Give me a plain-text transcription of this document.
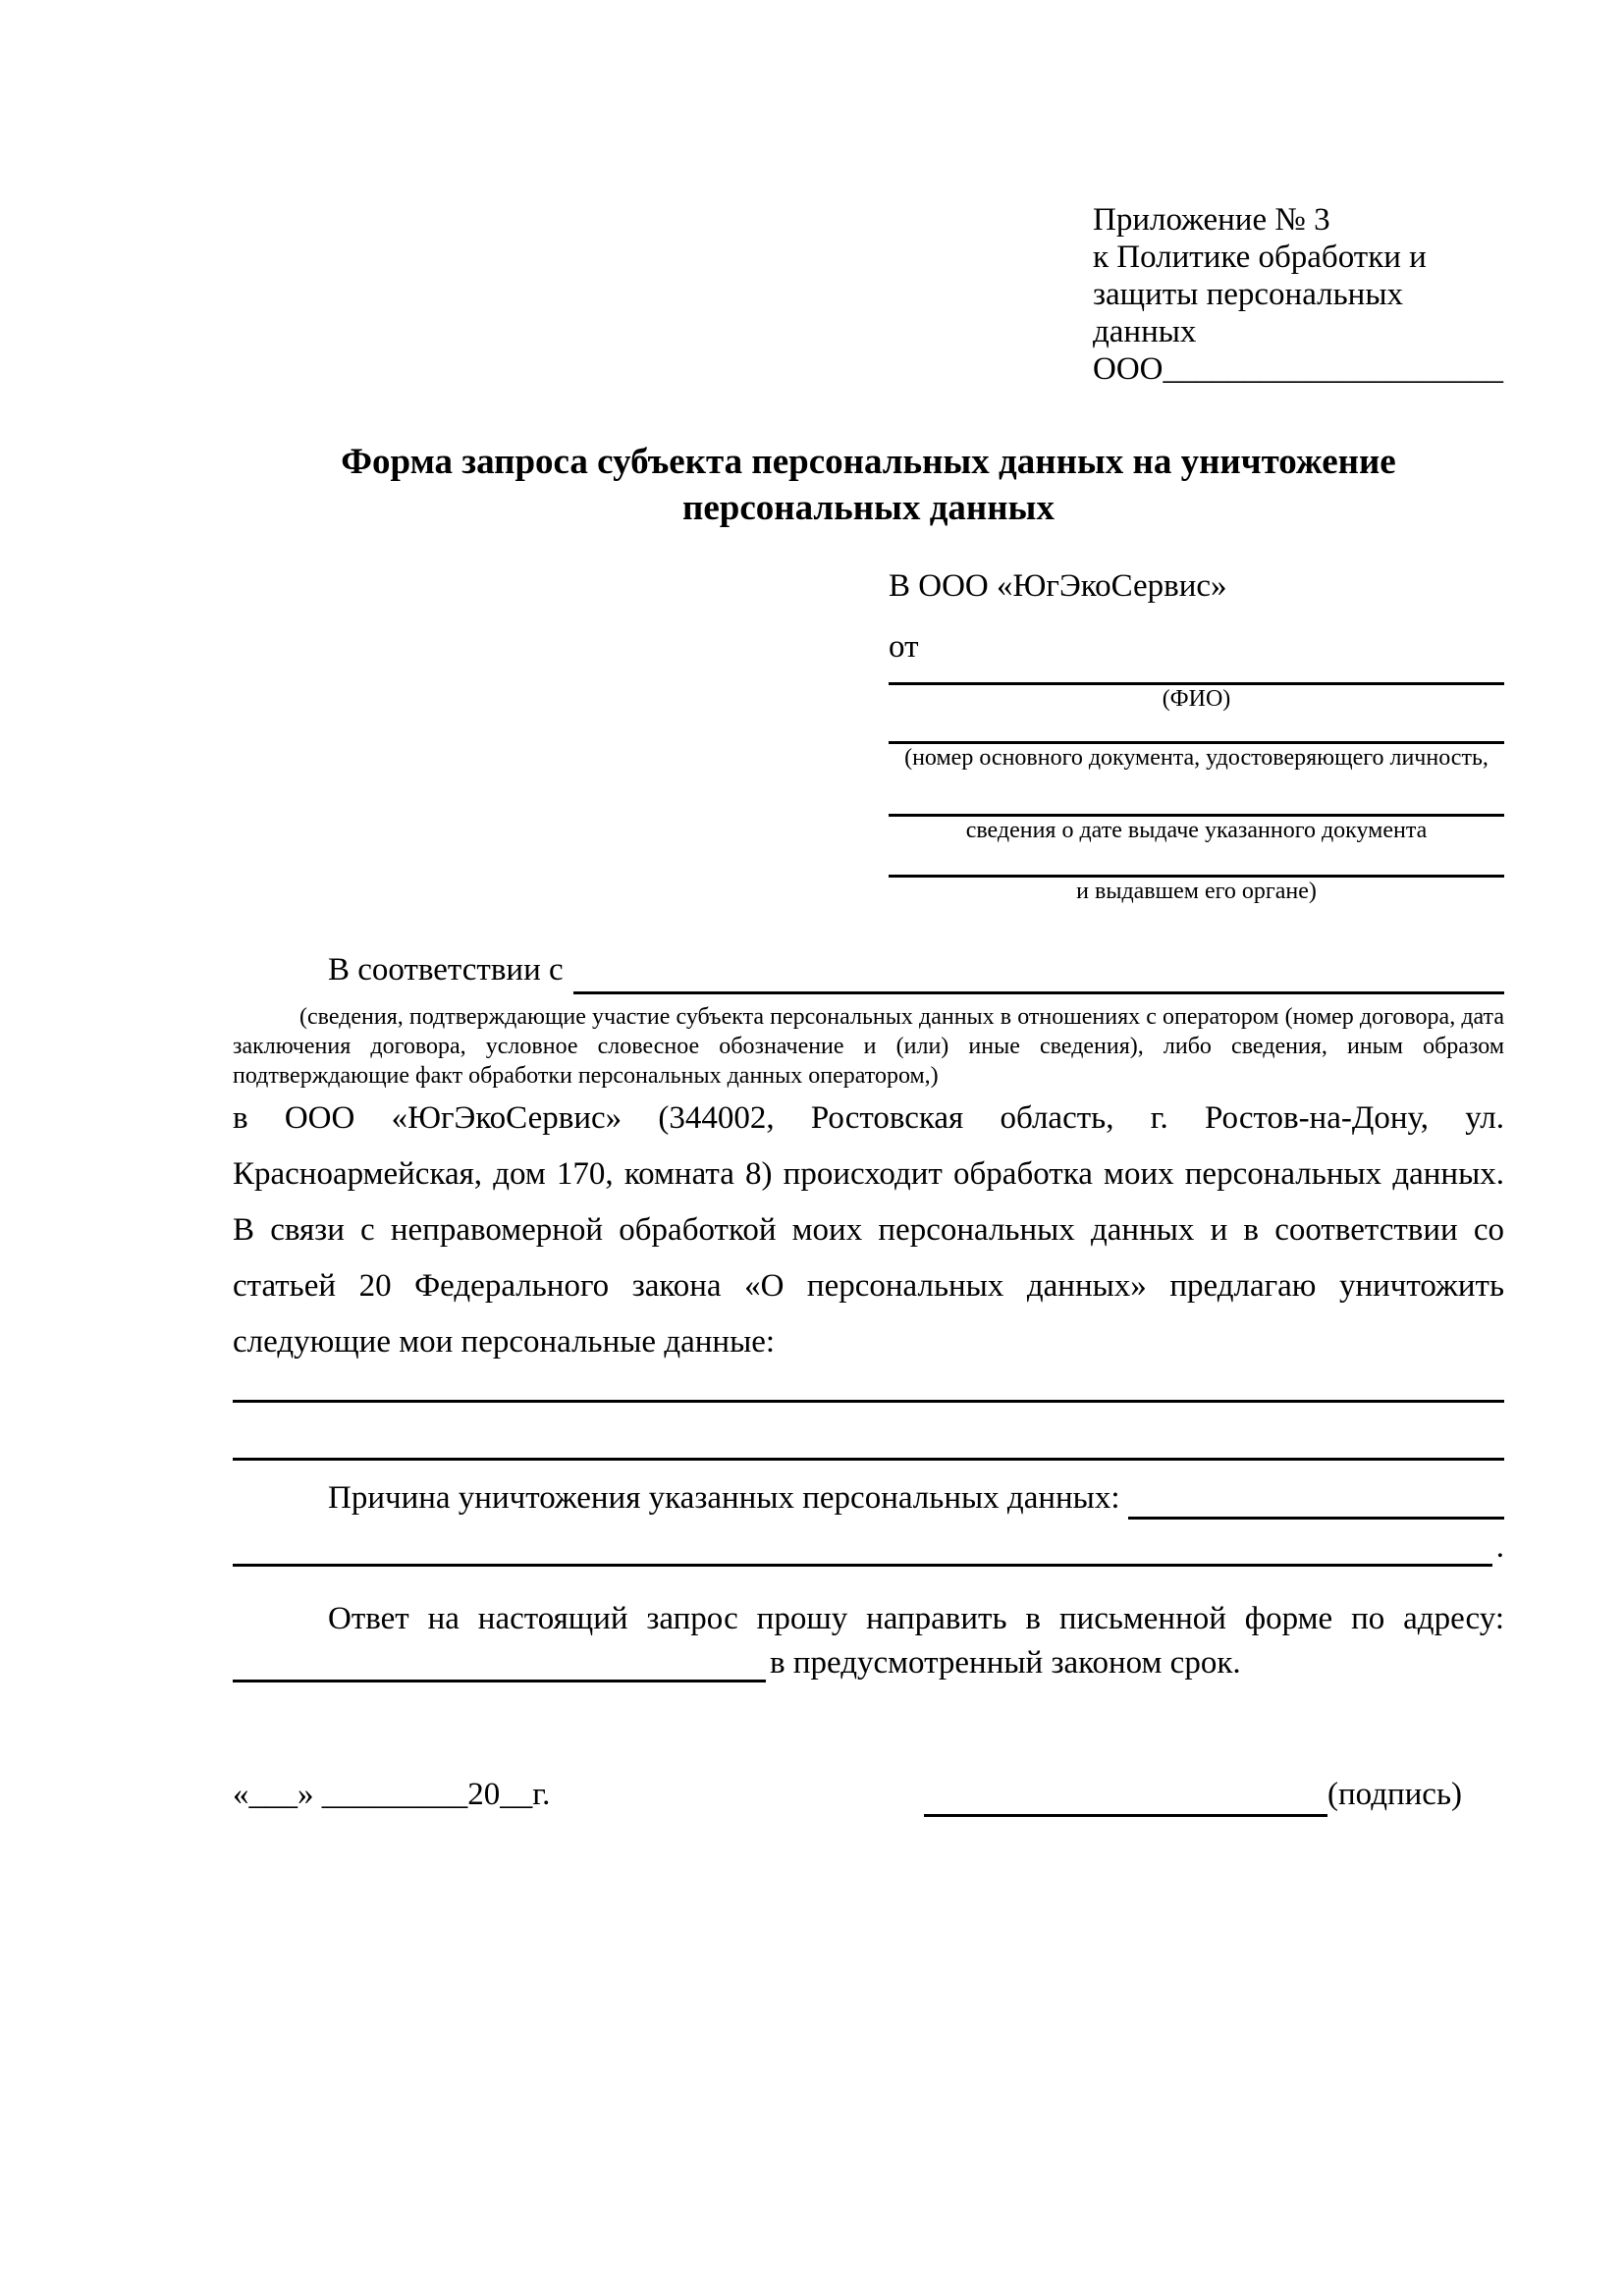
Приложение № 3
к Политике обработки и
защиты персональных данных
ООО_____________________
Форма запроса субъекта персональных данных на уничтожение персональных данных
В ООО «ЮгЭкоСервис»
от
(ФИО)
(номер основного документа, удостоверяющего личность,
сведения о дате выдаче указанного документа
и выдавшем его органе)
В соответствии с
(сведения, подтверждающие участие субъекта персональных данных в отношениях с оператором (номер договора, дата заключения договора, условное словесное обозначение и (или) иные сведения), либо сведения, иным образом подтверждающие факт обработки персональных данных оператором,)
в ООО «ЮгЭкоСервис» (344002, Ростовская область, г. Ростов-на-Дону, ул. Красноармейская, дом 170, комната 8) происходит обработка моих персональных данных. В связи с неправомерной обработкой моих персональных данных и в соответствии со статьей 20 Федерального закона «О персональных данных» предлагаю уничтожить следующие мои персональные данные:
Причина уничтожения указанных персональных данных:
.
Ответ на настоящий запрос прошу направить в письменной форме по адресу:
в предусмотренный законом срок.
«___» _________20__г.	(подпись)
